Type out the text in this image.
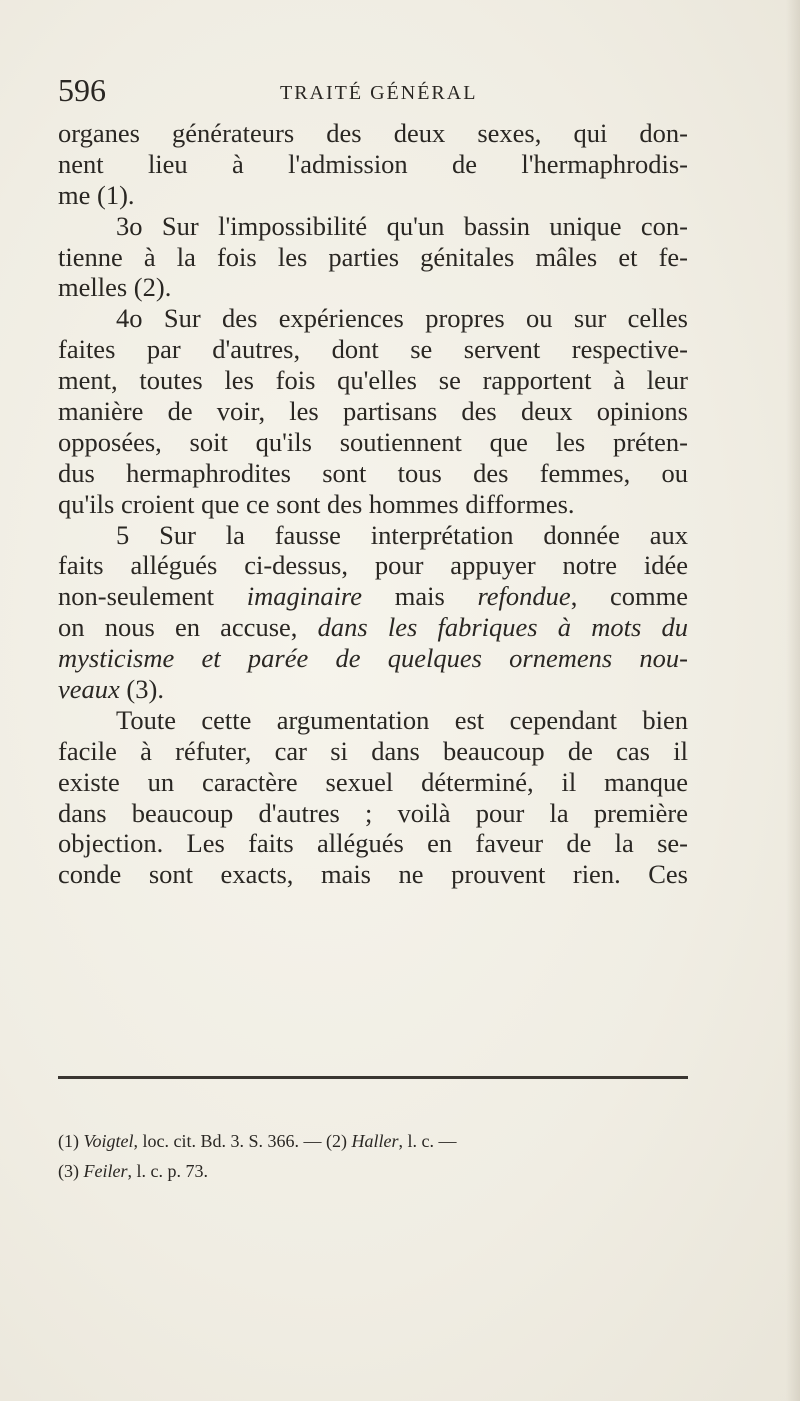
596	TRAITÉ GÉNÉRAL
organes générateurs des deux sexes, qui don-
nent lieu à l'admission de l'hermaphrodis-
me (1).
3o Sur l'impossibilité qu'un bassin unique con-
tienne à la fois les parties génitales mâles et fe-
melles (2).
4o Sur des expériences propres ou sur celles
faites par d'autres, dont se servent respective-
ment, toutes les fois qu'elles se rapportent à leur
manière de voir, les partisans des deux opinions
opposées, soit qu'ils soutiennent que les préten-
dus hermaphrodites sont tous des femmes, ou
qu'ils croient que ce sont des hommes difformes.
5 Sur la fausse interprétation donnée aux
faits allégués ci-dessus, pour appuyer notre idée
non-seulement imaginaire mais refondue, comme
on nous en accuse, dans les fabriques à mots du
mysticisme et parée de quelques ornemens nou-
veaux (3).
Toute cette argumentation est cependant bien
facile à réfuter, car si dans beaucoup de cas il
existe un caractère sexuel déterminé, il manque
dans beaucoup d'autres ; voilà pour la première
objection. Les faits allégués en faveur de la se-
conde sont exacts, mais ne prouvent rien. Ces
(1) Voigtel, loc. cit. Bd. 3. S. 366. — (2) Haller, l. c. —
(3) Feiler, l. c. p. 73.
